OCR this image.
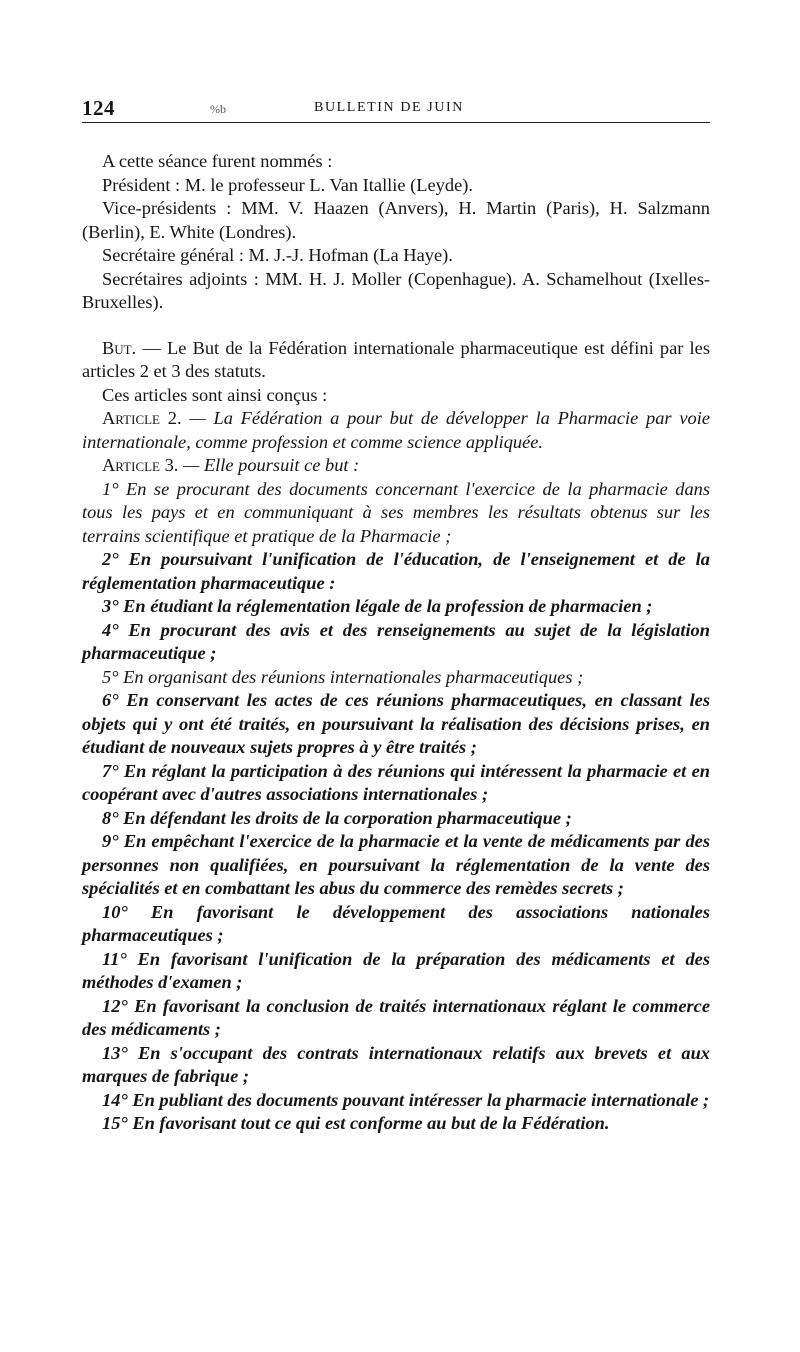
124	%b	BULLETIN DE JUIN

A cette séance furent nommés :

Président : M. le professeur L. Van Itallie (Leyde).

Vice-présidents : MM. V. Haazen (Anvers), H. Martin (Paris), H. Salzmann (Berlin), E. White (Londres).

Secrétaire général : M. J.-J. Hofman (La Haye).

Secrétaires adjoints : MM. H. J. Moller (Copenhague). A. Schamelhout (Ixelles-Bruxelles).

But. — Le But de la Fédération internationale pharmaceutique est défini par les articles 2 et 3 des statuts.

Ces articles sont ainsi conçus :

Article 2. — La Fédération a pour but de développer la Pharmacie par voie internationale, comme profession et comme science appliquée.

Article 3. — Elle poursuit ce but :

1° En se procurant des documents concernant l'exercice de la pharmacie dans tous les pays et en communiquant à ses membres les résultats obtenus sur les terrains scientifique et pratique de la Pharmacie ;

2° En poursuivant l'unification de l'éducation, de l'enseignement et de la réglementation pharmaceutique :

3° En étudiant la réglementation légale de la profession de pharmacien ;

4° En procurant des avis et des renseignements au sujet de la législation pharmaceutique ;

5° En organisant des réunions internationales pharmaceutiques ;

6° En conservant les actes de ces réunions pharmaceutiques, en classant les objets qui y ont été traités, en poursuivant la réalisation des décisions prises, en étudiant de nouveaux sujets propres à y être traités ;

7° En réglant la participation à des réunions qui intéressent la pharmacie et en coopérant avec d'autres associations internationales ;

8° En défendant les droits de la corporation pharmaceutique ;

9° En empêchant l'exercice de la pharmacie et la vente de médicaments par des personnes non qualifiées, en poursuivant la réglementation de la vente des spécialités et en combattant les abus du commerce des remèdes secrets ;

10° En favorisant le développement des associations nationales pharmaceutiques ;

11° En favorisant l'unification de la préparation des médicaments et des méthodes d'examen ;

12° En favorisant la conclusion de traités internationaux réglant le commerce des médicaments ;

13° En s'occupant des contrats internationaux relatifs aux brevets et aux marques de fabrique ;

14° En publiant des documents pouvant intéresser la pharmacie internationale ;

15° En favorisant tout ce qui est conforme au but de la Fédération.
